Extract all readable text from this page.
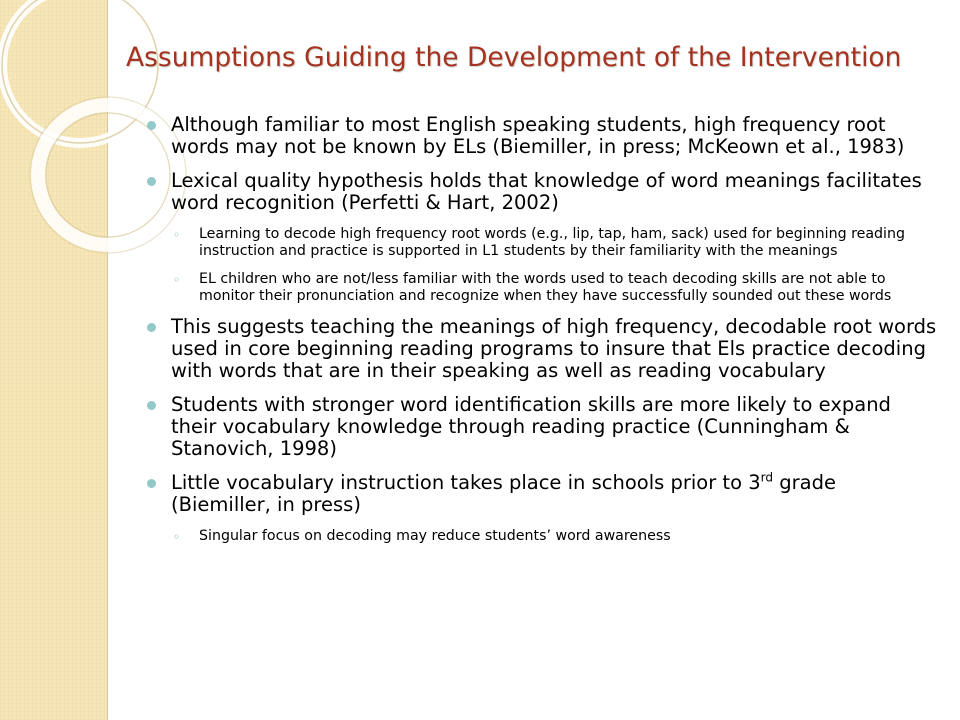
Assumptions Guiding the Development of the Intervention
Although familiar to most English speaking students, high frequency root words may not be known by ELs (Biemiller, in press; McKeown et al., 1983)
Lexical quality hypothesis holds that knowledge of word meanings facilitates word recognition (Perfetti & Hart, 2002)
◦ Learning to decode high frequency root words (e.g., lip, tap, ham, sack) used for beginning reading instruction and practice is supported in L1 students by their familiarity with the meanings
◦ EL children who are not/less familiar with the words used to teach decoding skills are not able to monitor their pronunciation and recognize when they have successfully sounded out these words
This suggests teaching the meanings of high frequency, decodable root words used in core beginning reading programs to insure that Els practice decoding with words that are in their speaking as well as reading vocabulary
Students with stronger word identification skills are more likely to expand their vocabulary knowledge through reading practice (Cunningham & Stanovich, 1998)
Little vocabulary instruction takes place in schools prior to 3rd grade (Biemiller, in press)
◦ Singular focus on decoding may reduce students’ word awareness
